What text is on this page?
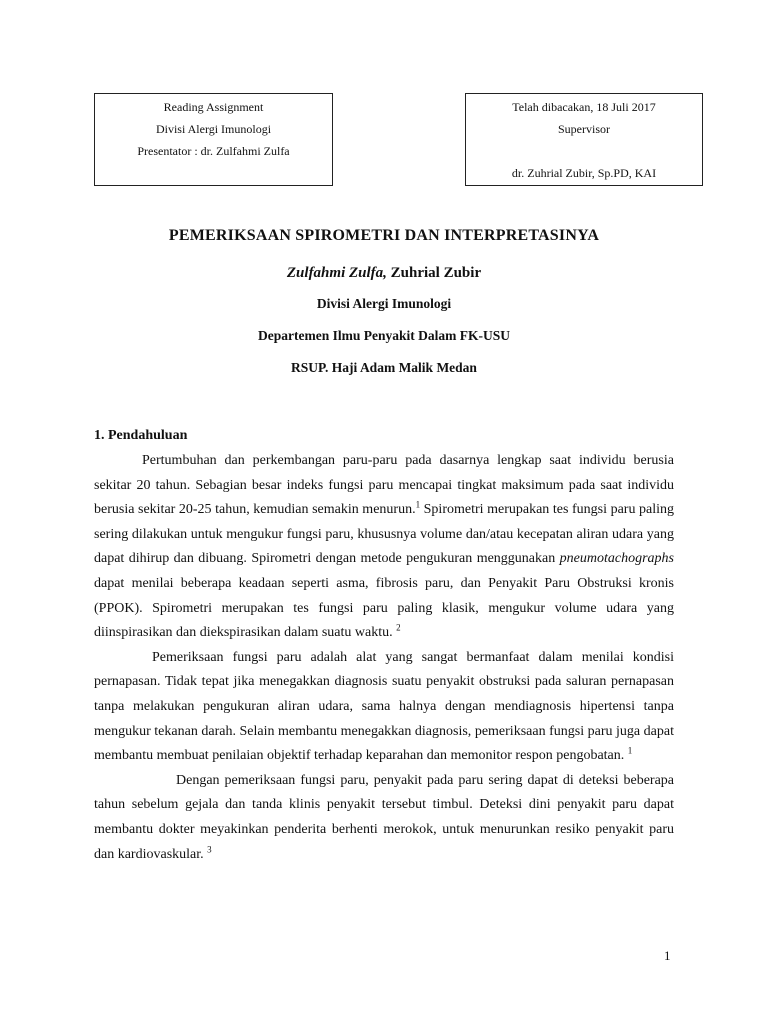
Reading Assignment
Divisi Alergi Imunologi
Presentator : dr. Zulfahmi Zulfa
Telah dibacakan, 18 Juli 2017
Supervisor
dr. Zuhrial Zubir, Sp.PD, KAI
PEMERIKSAAN SPIROMETRI DAN INTERPRETASINYA
Zulfahmi Zulfa, Zuhrial Zubir
Divisi Alergi Imunologi
Departemen Ilmu Penyakit Dalam FK-USU
RSUP. Haji Adam Malik Medan
1. Pendahuluan

Pertumbuhan dan perkembangan paru-paru pada dasarnya lengkap saat individu berusia sekitar 20 tahun. Sebagian besar indeks fungsi paru mencapai tingkat maksimum pada saat individu berusia sekitar 20-25 tahun, kemudian semakin menurun.$^1$ Spirometri merupakan tes fungsi paru paling sering dilakukan untuk mengukur fungsi paru, khususnya volume dan/atau kecepatan aliran udara yang dapat dihirup dan dibuang. Spirometri dengan metode pengukuran menggunakan pneumotachographs dapat menilai beberapa keadaan seperti asma, fibrosis paru, dan Penyakit Paru Obstruksi kronis (PPOK). Spirometri merupakan tes fungsi paru paling klasik, mengukur volume udara yang diinspirasikan dan diekspirasikan dalam suatu waktu. $^2$

Pemeriksaan fungsi paru adalah alat yang sangat bermanfaat dalam menilai kondisi pernapasan. Tidak tepat jika menegakkan diagnosis suatu penyakit obstruksi pada saluran pernapasan tanpa melakukan pengukuran aliran udara, sama halnya dengan mendiagnosis hipertensi tanpa mengukur tekanan darah. Selain membantu menegakkan diagnosis, pemeriksaan fungsi paru juga dapat membantu membuat penilaian objektif terhadap keparahan dan memonitor respon pengobatan. $^1$

Dengan pemeriksaan fungsi paru, penyakit pada paru sering dapat di deteksi beberapa tahun sebelum gejala dan tanda klinis penyakit tersebut timbul. Deteksi dini penyakit paru dapat membantu dokter meyakinkan penderita berhenti merokok, untuk menurunkan resiko penyakit paru dan kardiovaskular. $^3$

1
